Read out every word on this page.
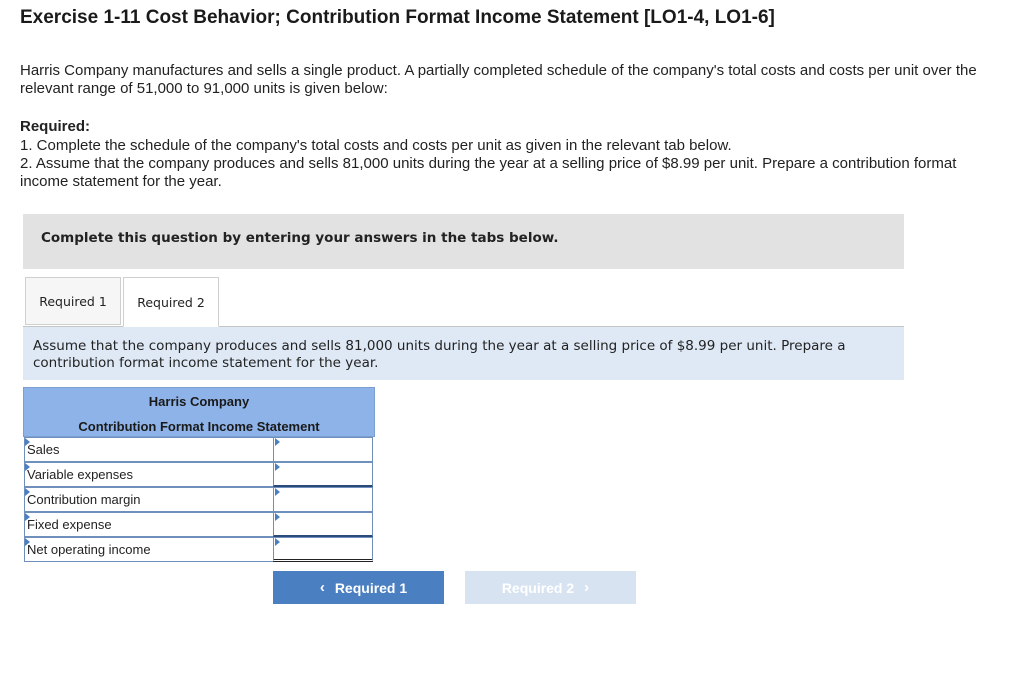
Exercise 1-11 Cost Behavior; Contribution Format Income Statement [LO1-4, LO1-6]
Harris Company manufactures and sells a single product. A partially completed schedule of the company's total costs and costs per unit over the relevant range of 51,000 to 91,000 units is given below:
Required:
1. Complete the schedule of the company's total costs and costs per unit as given in the relevant tab below.
2. Assume that the company produces and sells 81,000 units during the year at a selling price of $8.99 per unit. Prepare a contribution format income statement for the year.
Complete this question by entering your answers in the tabs below.
Required 1	Required 2

Assume that the company produces and sells 81,000 units during the year at a selling price of $8.99 per unit. Prepare a contribution format income statement for the year.

Harris Company
Contribution Format Income Statement
Sales
Variable expenses
Contribution margin
Fixed expense
Net operating income
‹ Required 1	Required 2 ›
